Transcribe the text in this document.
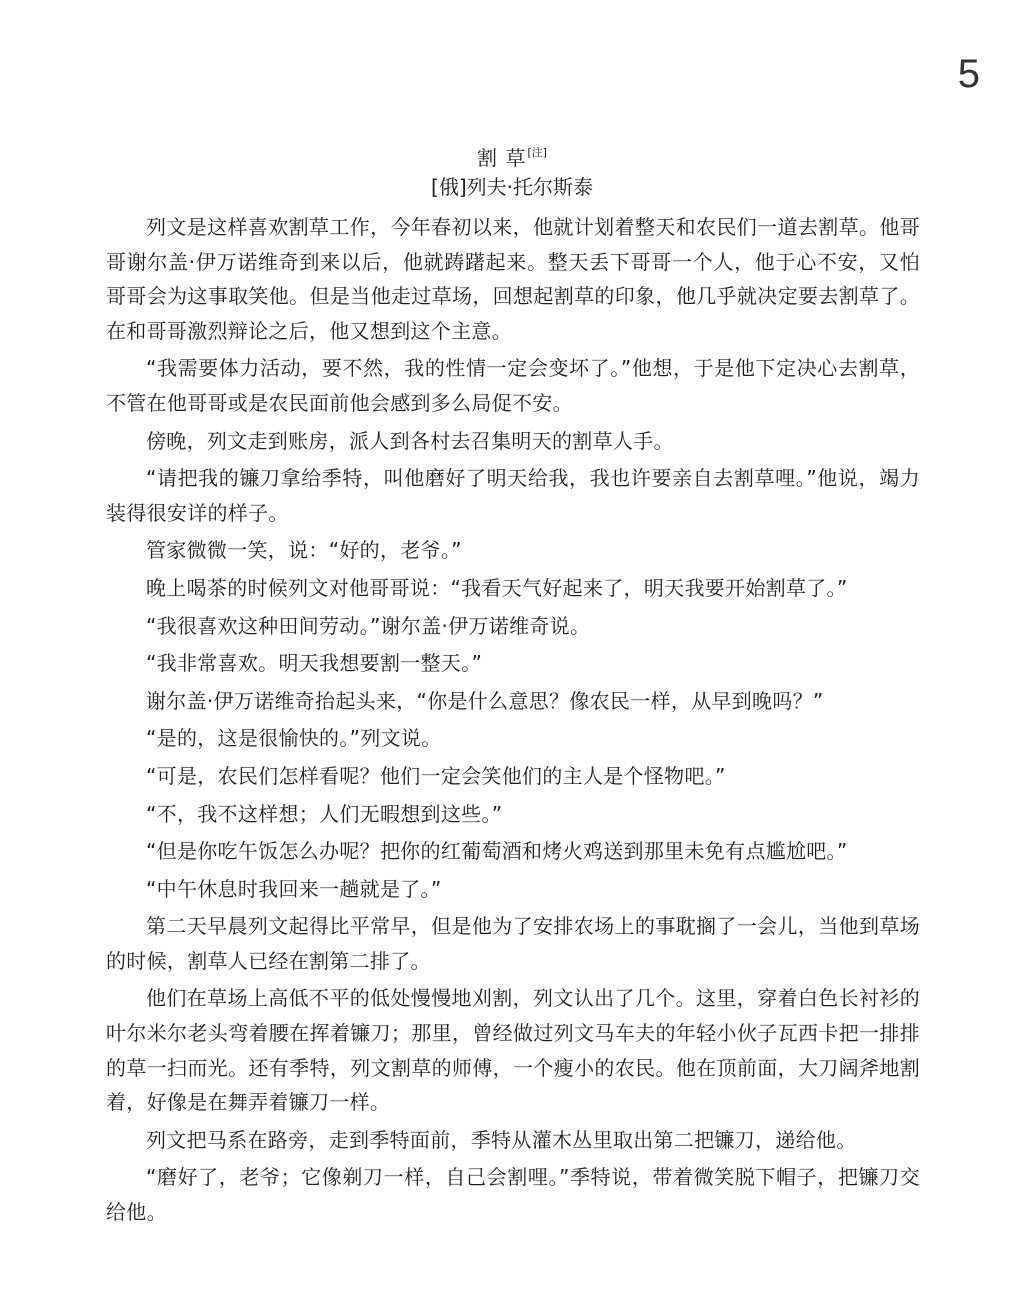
5
割 草[注]
[俄]列夫·托尔斯泰

列文是这样喜欢割草工作，今年春初以来，他就计划着整天和农民们一道去割草。他哥哥谢尔盖·伊万诺维奇到来以后，他就踌躇起来。整天丢下哥哥一个人，他于心不安，又怕哥哥会为这事取笑他。但是当他走过草场，回想起割草的印象，他几乎就决定要去割草了。在和哥哥激烈辩论之后，他又想到这个主意。

“我需要体力活动，要不然，我的性情一定会变坏了。”他想，于是他下定决心去割草，不管在他哥哥或是农民面前他会感到多么局促不安。

傍晚，列文走到账房，派人到各村去召集明天的割草人手。

“请把我的镰刀拿给季特，叫他磨好了明天给我，我也许要亲自去割草哩。”他说，竭力装得很安详的样子。

管家微微一笑，说：“好的，老爷。”

晚上喝茶的时候列文对他哥哥说：“我看天气好起来了，明天我要开始割草了。”

“我很喜欢这种田间劳动。”谢尔盖·伊万诺维奇说。

“我非常喜欢。明天我想要割一整天。”

谢尔盖·伊万诺维奇抬起头来，“你是什么意思？像农民一样，从早到晚吗？”

“是的，这是很愉快的。”列文说。

“可是，农民们怎样看呢？他们一定会笑他们的主人是个怪物吧。”

“不，我不这样想；人们无暇想到这些。”

“但是你吃午饭怎么办呢？把你的红葡萄酒和烤火鸡送到那里未免有点尴尬吧。”

“中午休息时我回来一趟就是了。”

第二天早晨列文起得比平常早，但是他为了安排农场上的事耽搁了一会儿，当他到草场的时候，割草人已经在割第二排了。

他们在草场上高低不平的低处慢慢地刈割，列文认出了几个。这里，穿着白色长衬衫的叶尔米尔老头弯着腰在挥着镰刀；那里，曾经做过列文马车夫的年轻小伙子瓦西卡把一排排的草一扫而光。还有季特，列文割草的师傅，一个瘦小的农民。他在顶前面，大刀阔斧地割着，好像是在舞弄着镰刀一样。

列文把马系在路旁，走到季特面前，季特从灌木丛里取出第二把镰刀，递给他。

“磨好了，老爷；它像剃刀一样，自己会割哩。”季特说，带着微笑脱下帽子，把镰刀交给他。
